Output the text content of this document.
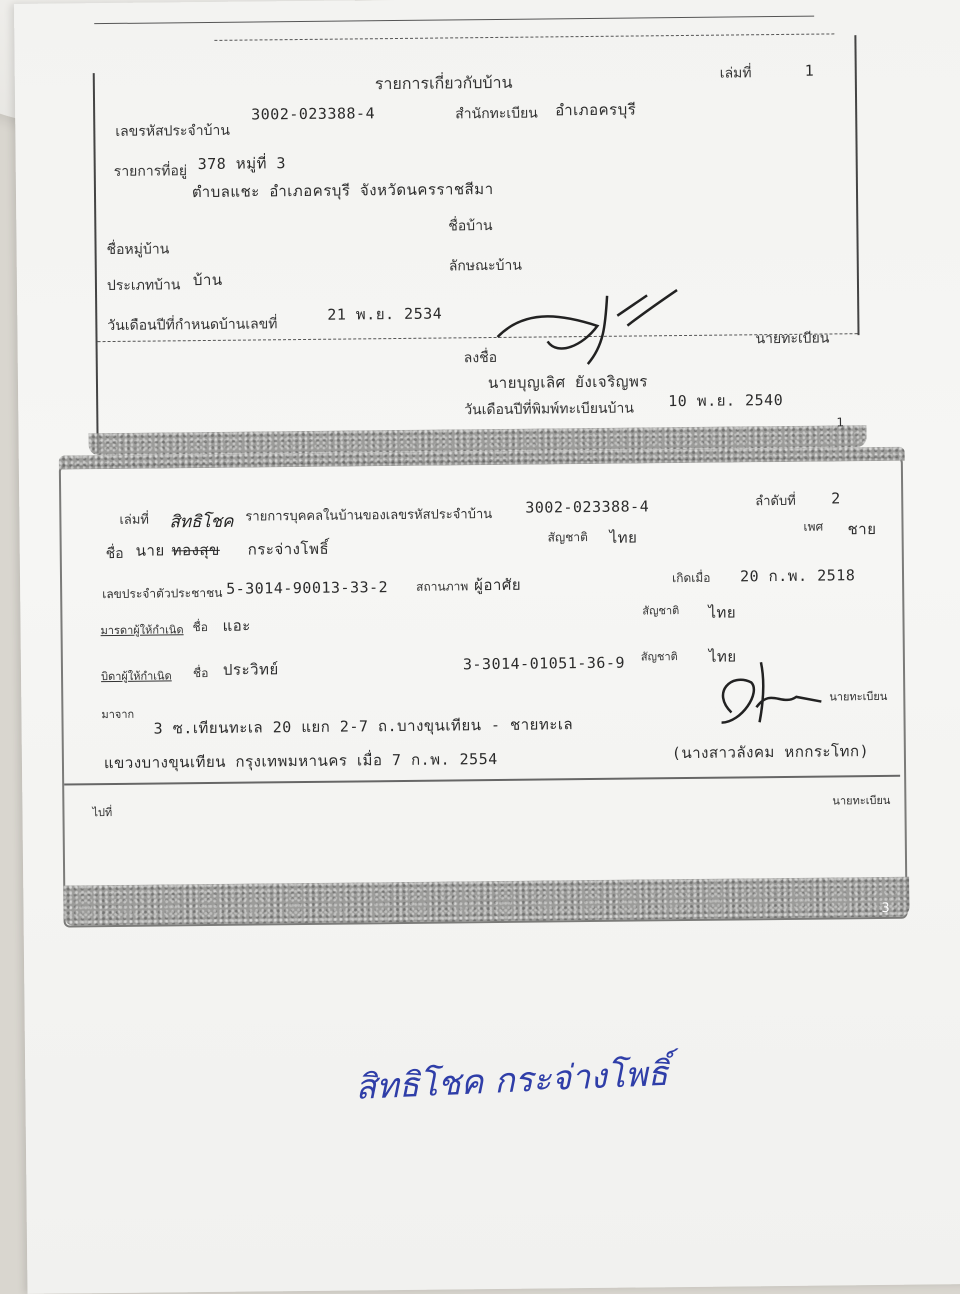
รายการเกี่ยวกับบ้าน	เล่มที่	1
เลขรหัสประจำบ้าน
3002-023388-4	สำนักทะเบียน อำเภอครบุรี
รายการที่อยู่ 378 หมู่ที่ 3
ตำบลแชะ อำเภอครบุรี จังหวัดนครราชสีมา
ชื่อบ้าน
ชื่อหมู่บ้าน
ประเภทบ้าน บ้าน
ลักษณะบ้าน
วันเดือนปีที่กำหนดบ้านเลขที่
21 พ.ย. 2534
นายทะเบียน
ลงชื่อ
นายบุญเลิศ ยังเจริญพร
วันเดือนปีที่พิมพ์ทะเบียนบ้าน 10 พ.ย. 2540
1
เล่มที่	รายการบุคคลในบ้านของเลขรหัสประจำบ้าน 3002-023388-4	ลำดับที่ 2
สิทธิโชค
ชื่อ นาย ทองสุข กระจ่างโพธิ์
สัญชาติ ไทย
เพศ ชาย
เลขประจำตัวประชาชน 5-3014-90013-33-2 สถานภาพ ผู้อาศัย	เกิดเมื่อ 20 ก.พ. 2518
มารดาผู้ให้กำเนิด ชื่อ แอะ
สัญชาติ ไทย
บิดาผู้ให้กำเนิด ชื่อ ประวิทย์	3-3014-01051-36-9 สัญชาติ ไทย
มาจาก
3 ซ.เทียนทะเล 20 แยก 2-7 ถ.บางขุนเทียน - ชายทะเล
แขวงบางขุนเทียน กรุงเทพมหานคร เมื่อ 7 ก.พ. 2554	(นางสาวลังคม หกกระโทก)
นายทะเบียน
ไปที่
นายทะเบียน
3
สิทธิโชค กระจ่างโพธิ์
